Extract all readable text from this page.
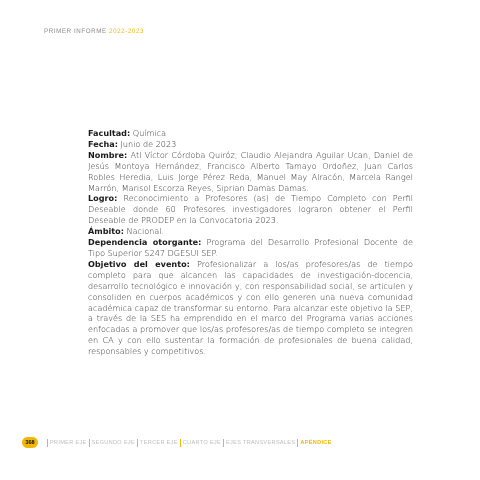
PRIMER INFORME 2022-2023

Facultad: Química

Fecha: Junio de 2023

Nombre: Atl Víctor Córdoba Quiróz, Claudio Alejandra Aguilar Ucan, Daniel de Jesús Montoya Hernández, Francisco Alberto Tamayo Ordoñez, Juan Carlos Robles Heredia, Luis Jorge Pérez Reda, Manuel May Alracón, Marcela Rangel Marrón, Marisol Escorza Reyes, Siprian Damas Damas.

Logro: Reconocimiento a Profesores (as) de Tiempo Completo con Perfil Deseable donde 60 Profesores investigadores lograron obtener el Perfil Deseable de PRODEP en la Convocatoria 2023.

Ámbito: Nacional.

Dependencia otorgante: Programa del Desarrollo Profesional Docente de Tipo Superior S247 DGESUI SEP.

Objetivo del evento: Profesionalizar a los/as profesores/as de tiempo completo para que alcancen las capacidades de investigación-docencia, desarrollo tecnológico e innovación y, con responsabilidad social, se articulen y consoliden en cuerpos académicos y con ello generen una nueva comunidad académica capaz de transformar su entorno. Para alcanzar este objetivo la SEP, a través de la SES ha emprendido en el marco del Programa varias acciones enfocadas a promover que los/as profesores/as de tiempo completo se integren en CA y con ello sustentar la formación de profesionales de buena calidad, responsables y competitivos.

368	PRIMER EJE SEGUNDO EJE TERCER EJE CUARTO EJE EJES TRANSVERSALES APÉNDICE
